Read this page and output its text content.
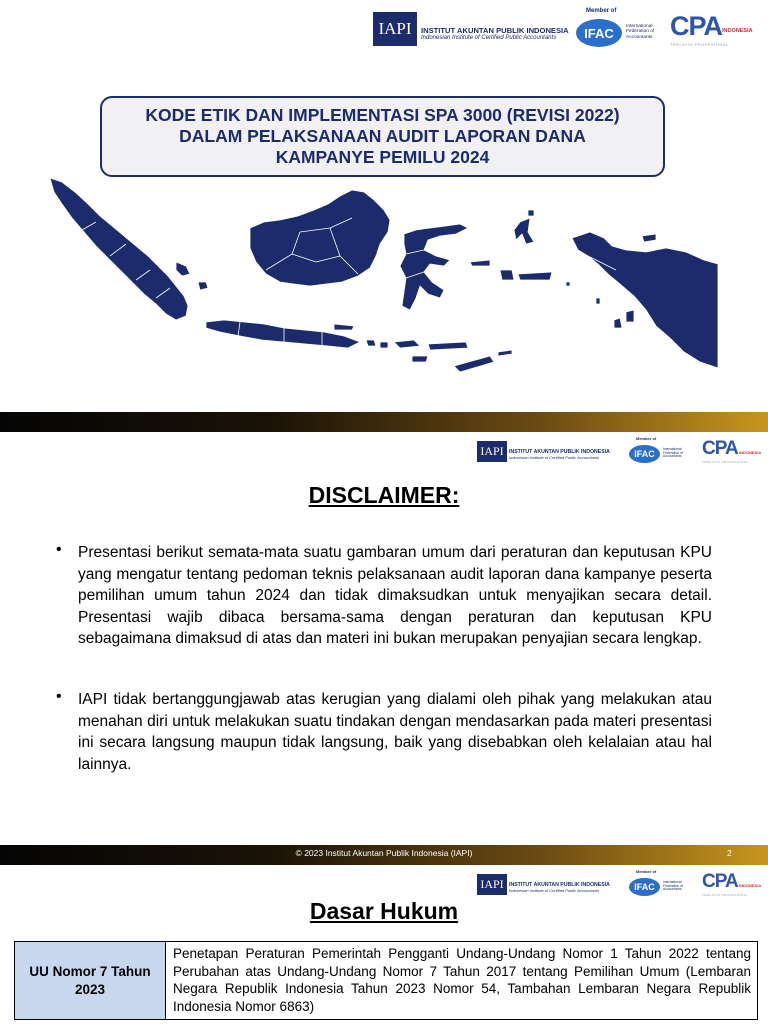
IAPI INSTITUT AKUNTAN PUBLIK INDONESIA
Indonesian Institute of Certified Public Accountants
Member of
IFAC	International Federation of Accountants CPA INDONESIA
TERLATIH PROFESIONAL
KODE ETIK DAN IMPLEMENTASI SPA 3000 (REVISI 2022)
DALAM PELAKSANAAN AUDIT LAPORAN DANA
KAMPANYE PEMILU 2024
IAPI INSTITUT AKUNTAN PUBLIK INDONESIA
Indonesian Institute of Certified Public Accountants
Member of
IFAC International Federation of Accountants	CPA INDONESIA
TERLATIH PROFESIONAL
DISCLAIMER:
• Presentasi berikut semata-mata suatu gambaran umum dari peraturan dan keputusan KPU yang mengatur tentang pedoman teknis pelaksanaan audit laporan dana kampanye peserta pemilihan umum tahun 2024 dan tidak dimaksudkan untuk menyajikan secara detail. Presentasi wajib dibaca bersama-sama dengan peraturan dan keputusan KPU sebagaimana dimaksud di atas dan materi ini bukan merupakan penyajian secara lengkap.
• IAPI tidak bertanggungjawab atas kerugian yang dialami oleh pihak yang melakukan atau menahan diri untuk melakukan suatu tindakan dengan mendasarkan pada materi presentasi ini secara langsung maupun tidak langsung, baik yang disebabkan oleh kelalaian atau hal lainnya.
© 2023 Institut Akuntan Publik Indonesia (IAPI)	2
IAPI INSTITUT AKUNTAN PUBLIK INDONESIA
Indonesian Institute of Certified Public Accountants
Member of
IFAC International Federation of Accountants	CPA INDONESIA
TERLATIH PROFESIONAL
Dasar Hukum
UU Nomor 7 Tahun 2023
Penetapan Peraturan Pemerintah Pengganti Undang-Undang Nomor 1 Tahun 2022 tentang Perubahan atas Undang-Undang Nomor 7 Tahun 2017 tentang Pemilihan Umum (Lembaran Negara Republik Indonesia Tahun 2023 Nomor 54, Tambahan Lembaran Negara Republik Indonesia Nomor 6863)
